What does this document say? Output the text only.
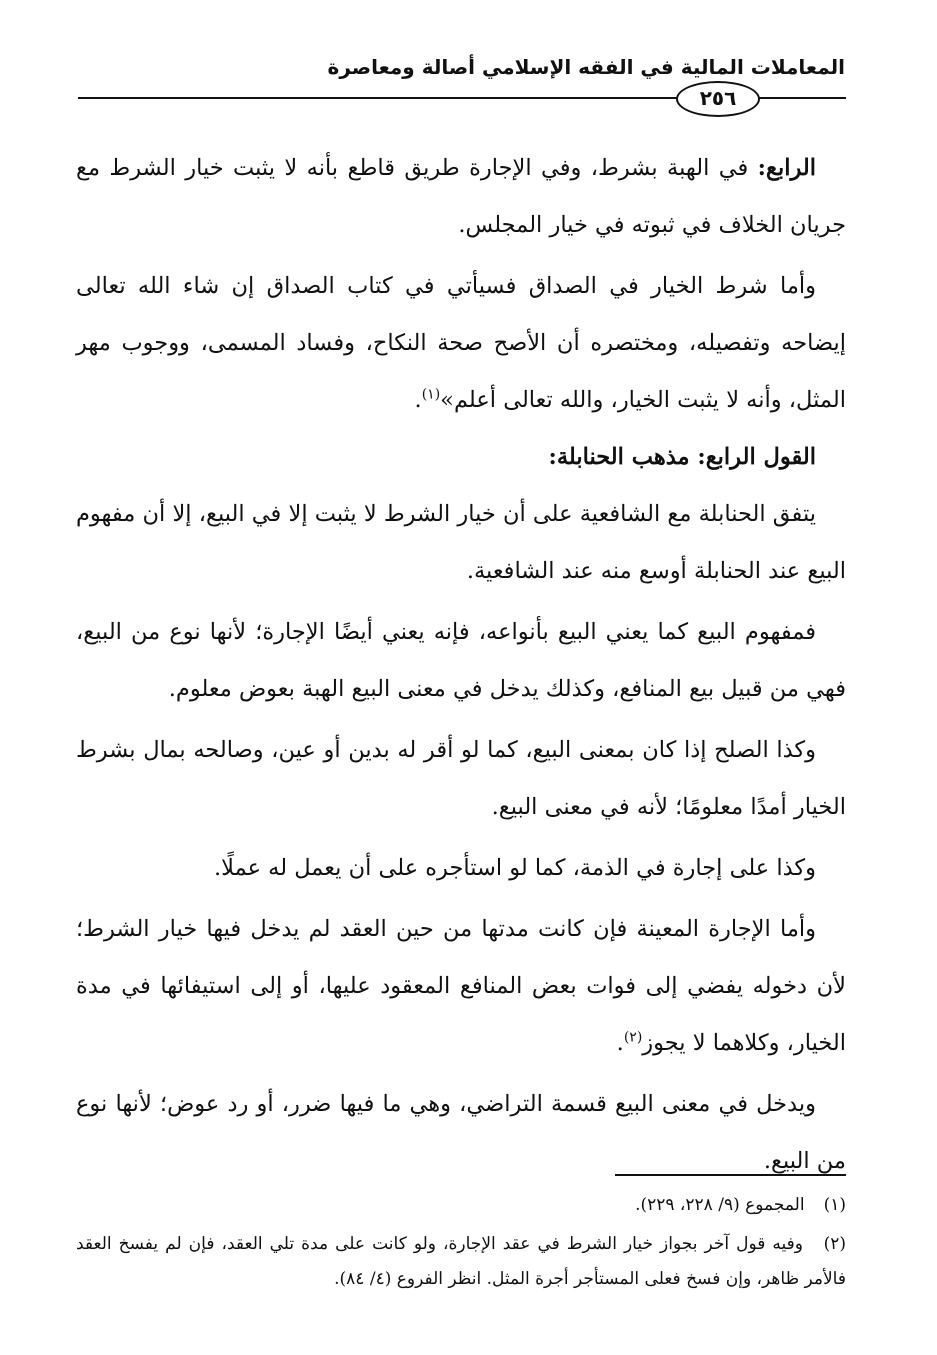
المعاملات المالية في الفقه الإسلامي أصالة ومعاصرة
٢٥٦

الرابع: في الهبة بشرط، وفي الإجارة طريق قاطع بأنه لا يثبت خيار الشرط مع جريان الخلاف في ثبوته في خيار المجلس.

وأما شرط الخيار في الصداق فسيأتي في كتاب الصداق إن شاء الله تعالى إيضاحه وتفصيله، ومختصره أن الأصح صحة النكاح، وفساد المسمى، ووجوب مهر المثل، وأنه لا يثبت الخيار، والله تعالى أعلم»$^{(١)}$.

القول الرابع: مذهب الحنابلة:

يتفق الحنابلة مع الشافعية على أن خيار الشرط لا يثبت إلا في البيع، إلا أن مفهوم البيع عند الحنابلة أوسع منه عند الشافعية.

فمفهوم البيع كما يعني البيع بأنواعه، فإنه يعني أيضًا الإجارة؛ لأنها نوع من البيع، فهي من قبيل بيع المنافع، وكذلك يدخل في معنى البيع الهبة بعوض معلوم.

وكذا الصلح إذا كان بمعنى البيع، كما لو أقر له بدين أو عين، وصالحه بمال بشرط الخيار أمدًا معلومًا؛ لأنه في معنى البيع.

وكذا على إجارة في الذمة، كما لو استأجره على أن يعمل له عملًا.

وأما الإجارة المعينة فإن كانت مدتها من حين العقد لم يدخل فيها خيار الشرط؛ لأن دخوله يفضي إلى فوات بعض المنافع المعقود عليها، أو إلى استيفائها في مدة الخيار، وكلاهما لا يجوز$^{(٢)}$.

ويدخل في معنى البيع قسمة التراضي، وهي ما فيها ضرر، أو رد عوض؛ لأنها نوع من البيع.

(١) المجموع (٩/ ٢٢٨، ٢٢٩).

(٢) وفيه قول آخر بجواز خيار الشرط في عقد الإجارة، ولو كانت على مدة تلي العقد، فإن لم يفسخ العقد فالأمر ظاهر، وإن فسخ فعلى المستأجر أجرة المثل. انظر الفروع (٤/ ٨٤).
